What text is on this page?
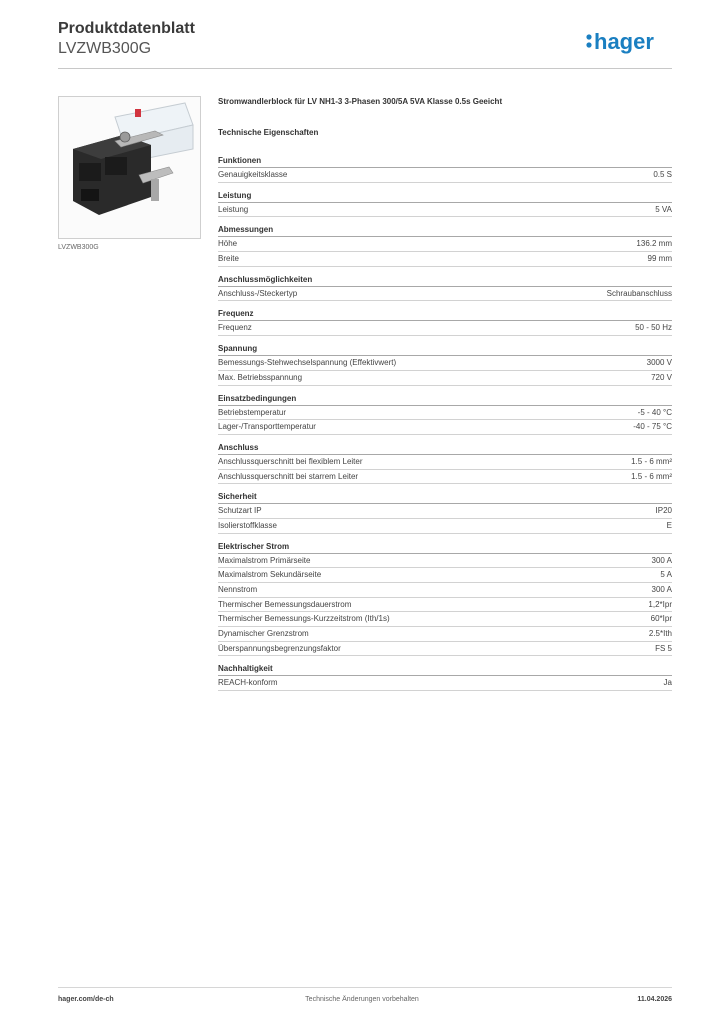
Produktdatenblatt
LVZWB300G	hager
LVZWB300G
Stromwandlerblock für LV NH1-3 3-Phasen 300/5A 5VA Klasse 0.5s Geeicht
Technische Eigenschaften
Funktionen
Genauigkeitsklasse	0.5 S
Leistung
Leistung	5 VA
Abmessungen
Höhe	136.2 mm
Breite	99 mm
Anschlussmöglichkeiten
Anschluss-/Steckertyp	Schraubanschluss
Frequenz
Frequenz	50 - 50 Hz
Spannung
Bemessungs-Stehwechselspannung (Effektivwert)	3000 V
Max. Betriebsspannung	720 V
Einsatzbedingungen
Betriebstemperatur	-5 - 40 °C
Lager-/Transporttemperatur	-40 - 75 °C
Anschluss
Anschlussquerschnitt bei flexiblem Leiter	1.5 - 6 mm²
Anschlussquerschnitt bei starrem Leiter	1.5 - 6 mm²
Sicherheit
Schutzart IP	IP20
Isolierstoffklasse	E
Elektrischer Strom
Maximalstrom Primärseite	300 A
Maximalstrom Sekundärseite	5 A
Nennstrom	300 A
Thermischer Bemessungsdauerstrom	1,2*Ipr
Thermischer Bemessungs-Kurzzeitstrom (Ith/1s)	60*Ipr
Dynamischer Grenzstrom	2.5*Ith
Überspannungsbegrenzungsfaktor	FS 5
Nachhaltigkeit
REACH-konform	Ja
hager.com/de-ch	Technische Änderungen vorbehalten	11.04.2026
